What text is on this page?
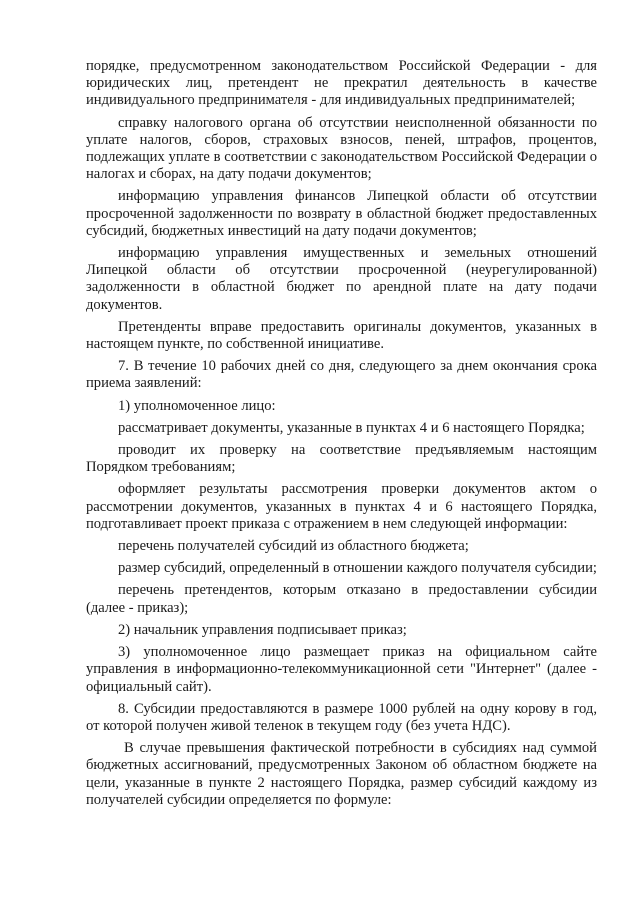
порядке, предусмотренном законодательством Российской Федерации - для юридических лиц, претендент не прекратил деятельность в качестве индивидуального предпринимателя - для индивидуальных предпринимателей;

справку налогового органа об отсутствии неисполненной обязанности по уплате налогов, сборов, страховых взносов, пеней, штрафов, процентов, подлежащих уплате в соответствии с законодательством Российской Федерации о налогах и сборах, на дату подачи документов;

информацию управления финансов Липецкой области об отсутствии просроченной задолженности по возврату в областной бюджет предоставленных субсидий, бюджетных инвестиций на дату подачи документов;

информацию управления имущественных и земельных отношений Липецкой области об отсутствии просроченной (неурегулированной) задолженности в областной бюджет по арендной плате на дату подачи документов.

Претенденты вправе предоставить оригиналы документов, указанных в настоящем пункте, по собственной инициативе.

7. В течение 10 рабочих дней со дня, следующего за днем окончания срока приема заявлений:

1) уполномоченное лицо:

рассматривает документы, указанные в пунктах 4 и 6 настоящего Порядка;

проводит их проверку на соответствие предъявляемым настоящим Порядком требованиям;

оформляет результаты рассмотрения проверки документов актом о рассмотрении документов, указанных в пунктах 4 и 6 настоящего Порядка, подготавливает проект приказа с отражением в нем следующей информации:

перечень получателей субсидий из областного бюджета;

размер субсидий, определенный в отношении каждого получателя субсидии;

перечень претендентов, которым отказано в предоставлении субсидии (далее - приказ);

2) начальник управления подписывает приказ;

3) уполномоченное лицо размещает приказ на официальном сайте управления в информационно-телекоммуникационной сети "Интернет" (далее - официальный сайт).

8. Субсидии предоставляются в размере 1000 рублей на одну корову в год, от которой получен живой теленок в текущем году (без учета НДС).

В случае превышения фактической потребности в субсидиях над суммой бюджетных ассигнований, предусмотренных Законом об областном бюджете на цели, указанные в пункте 2 настоящего Порядка, размер субсидий каждому из получателей субсидии определяется по формуле:
